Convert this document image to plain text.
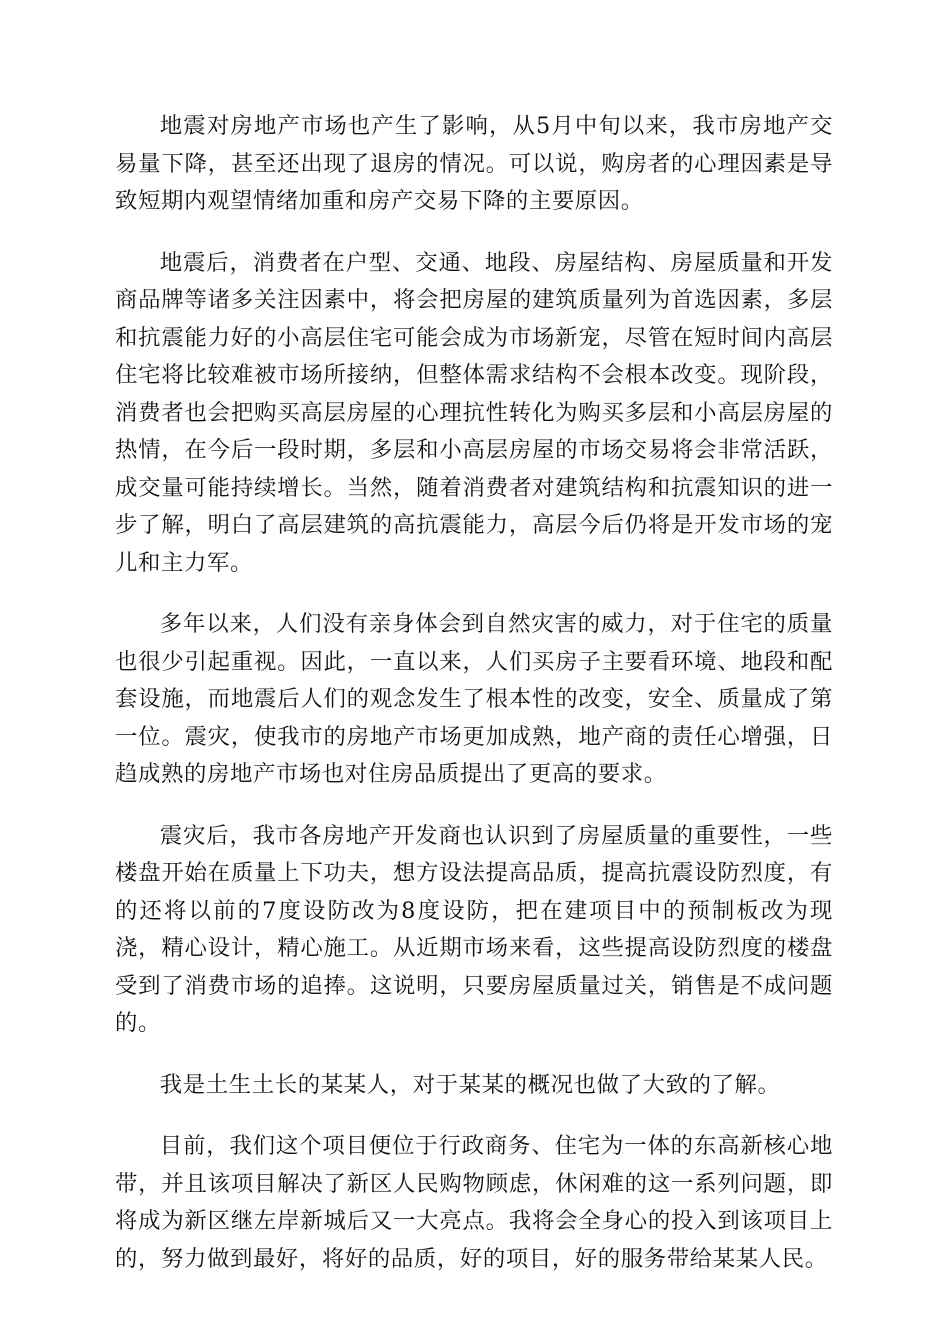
地震对房地产市场也产生了影响，从5月中旬以来，我市房地产交易量下降，甚至还出现了退房的情况。可以说，购房者的心理因素是导致短期内观望情绪加重和房产交易下降的主要原因。

地震后，消费者在户型、交通、地段、房屋结构、房屋质量和开发商品牌等诸多关注因素中，将会把房屋的建筑质量列为首选因素，多层和抗震能力好的小高层住宅可能会成为市场新宠，尽管在短时间内高层住宅将比较难被市场所接纳，但整体需求结构不会根本改变。现阶段，消费者也会把购买高层房屋的心理抗性转化为购买多层和小高层房屋的热情，在今后一段时期，多层和小高层房屋的市场交易将会非常活跃，成交量可能持续增长。当然，随着消费者对建筑结构和抗震知识的进一步了解，明白了高层建筑的高抗震能力，高层今后仍将是开发市场的宠儿和主力军。

多年以来，人们没有亲身体会到自然灾害的威力，对于住宅的质量也很少引起重视。因此，一直以来，人们买房子主要看环境、地段和配套设施，而地震后人们的观念发生了根本性的改变，安全、质量成了第一位。震灾，使我市的房地产市场更加成熟，地产商的责任心增强，日趋成熟的房地产市场也对住房品质提出了更高的要求。

震灾后，我市各房地产开发商也认识到了房屋质量的重要性，一些楼盘开始在质量上下功夫，想方设法提高品质，提高抗震设防烈度，有的还将以前的7度设防改为8度设防，把在建项目中的预制板改为现浇，精心设计，精心施工。从近期市场来看，这些提高设防烈度的楼盘受到了消费市场的追捧。这说明，只要房屋质量过关，销售是不成问题的。

我是土生土长的某某人，对于某某的概况也做了大致的了解。

目前，我们这个项目便位于行政商务、住宅为一体的东高新核心地带，并且该项目解决了新区人民购物顾虑，休闲难的这一系列问题，即将成为新区继左岸新城后又一大亮点。我将会全身心的投入到该项目上的，努力做到最好，将好的品质，好的项目，好的服务带给某某人民。
